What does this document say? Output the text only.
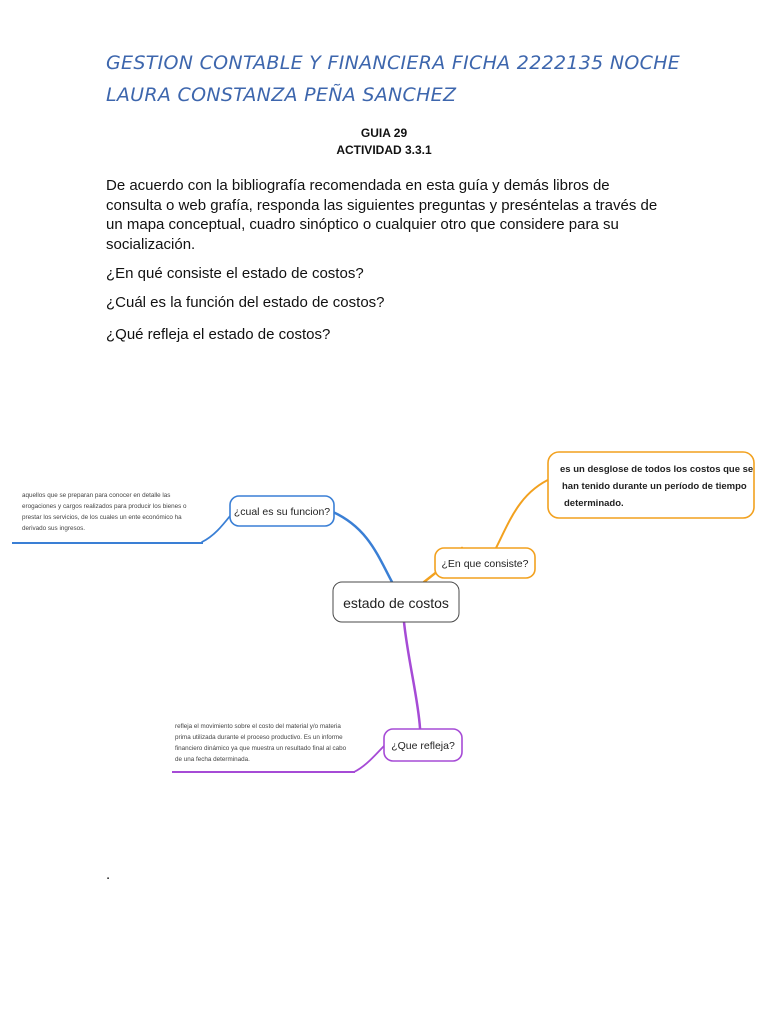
GESTION CONTABLE Y FINANCIERA FICHA 2222135 NOCHE
LAURA CONSTANZA PEÑA SANCHEZ
GUIA 29
ACTIVIDAD 3.3.1
De acuerdo con la bibliografía recomendada en esta guía y demás libros de consulta o web grafía, responda las siguientes preguntas y preséntelas a través de un mapa conceptual, cuadro sinóptico o cualquier otro que considere para su socialización.
¿En qué consiste el estado de costos?
¿Cuál es la función del estado de costos?
¿Qué refleja el estado de costos?
estado de costos
¿cual es su funcion?
¿En que consiste?
es un desglose de todos los costos que se
han tenido durante un período de tiempo
determinado.
¿Que refleja?
aquellos que se preparan para conocer en detalle las
erogaciones y cargos realizados para producir los bienes o
prestar los servicios, de los cuales un ente económico ha
derivado sus ingresos.
refleja el movimiento sobre el costo del material y/o materia
prima utilizada durante el proceso productivo. Es un informe
financiero dinámico ya que muestra un resultado final al cabo
de una fecha determinada.
.
